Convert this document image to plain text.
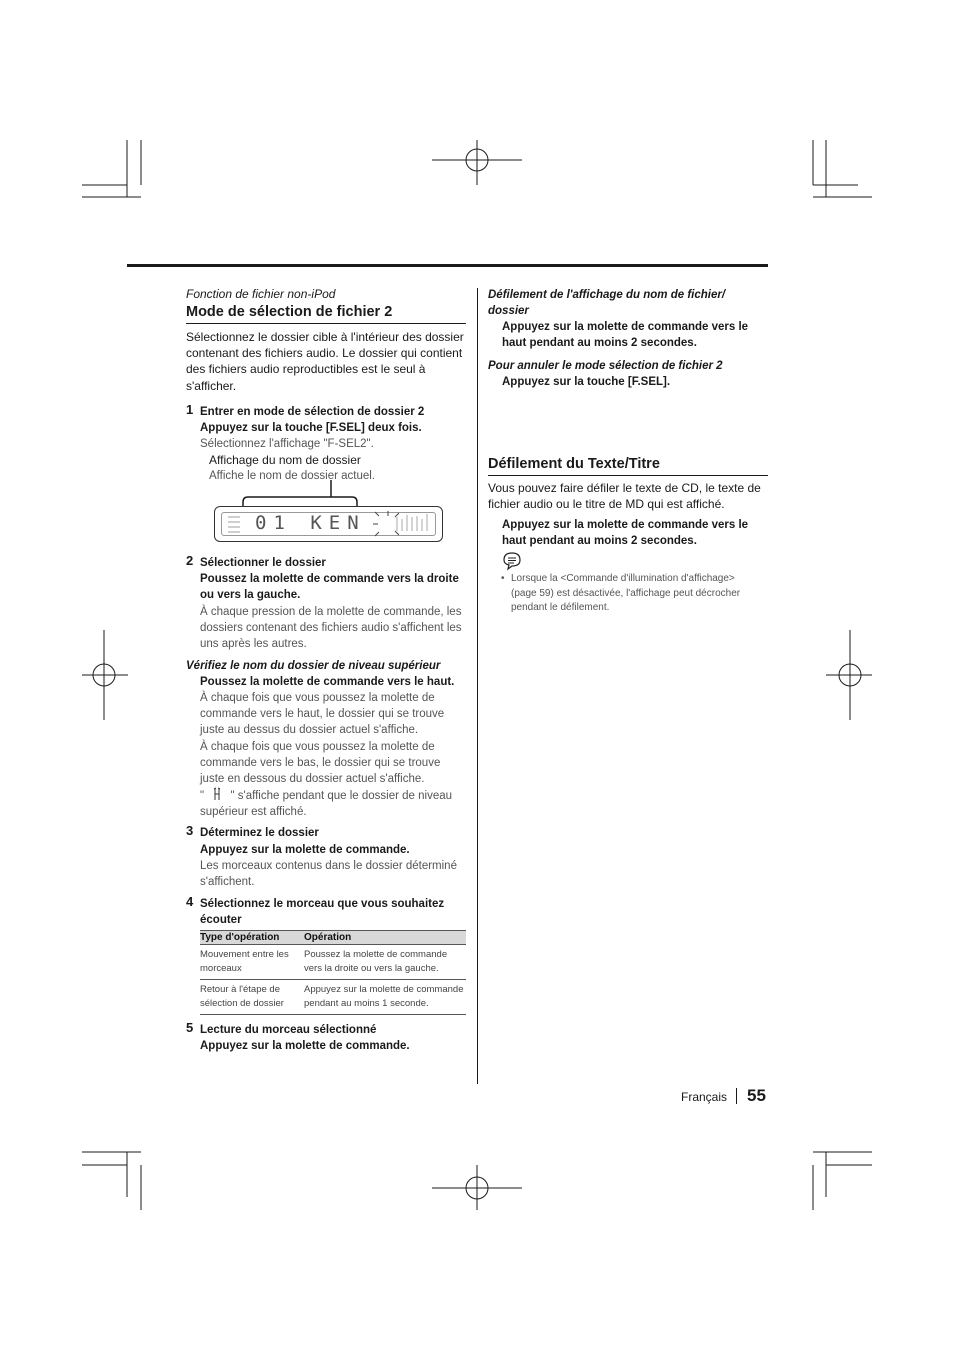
Fonction de fichier non-iPod
Mode de sélection de fichier 2
Sélectionnez le dossier cible à l'intérieur des dossier contenant des fichiers audio. Le dossier qui contient des fichiers audio reproductibles est le seul à s'afficher.
1 Entrer en mode de sélection de dossier 2
Appuyez sur la touche [F.SEL] deux fois.
Sélectionnez l'affichage "F-SEL2".
Affichage du nom de dossier
Affiche le nom de dossier actuel.
01 KEN
2 Sélectionner le dossier
Poussez la molette de commande vers la droite ou vers la gauche.
À chaque pression de la molette de commande, les dossiers contenant des fichiers audio s'affichent les uns après les autres.
Vérifiez le nom du dossier de niveau supérieur
Poussez la molette de commande vers le haut.
À chaque fois que vous poussez la molette de commande vers le haut, le dossier qui se trouve juste au dessus du dossier actuel s'affiche.
À chaque fois que vous poussez la molette de commande vers le bas, le dossier qui se trouve juste en dessous du dossier actuel s'affiche.
" " s'affiche pendant que le dossier de niveau supérieur est affiché.
3 Déterminez le dossier
Appuyez sur la molette de commande.
Les morceaux contenus dans le dossier déterminé s'affichent.
4 Sélectionnez le morceau que vous souhaitez écouter
Type d'opération	Opération
Mouvement entre les morceaux	Poussez la molette de commande vers la droite ou vers la gauche.
Retour à l'étape de sélection de dossier	Appuyez sur la molette de commande pendant au moins 1 seconde.
5 Lecture du morceau sélectionné
Appuyez sur la molette de commande.
Défilement de l'affichage du nom de fichier/ dossier
Appuyez sur la molette de commande vers le haut pendant au moins 2 secondes.
Pour annuler le mode sélection de fichier 2
Appuyez sur la touche [F.SEL].
Défilement du Texte/Titre
Vous pouvez faire défiler le texte de CD, le texte de fichier audio ou le titre de MD qui est affiché.
Appuyez sur la molette de commande vers le haut pendant au moins 2 secondes.
• Lorsque la <Commande d'illumination d'affichage> (page 59) est désactivée, l'affichage peut décrocher pendant le défilement.
Français 55
